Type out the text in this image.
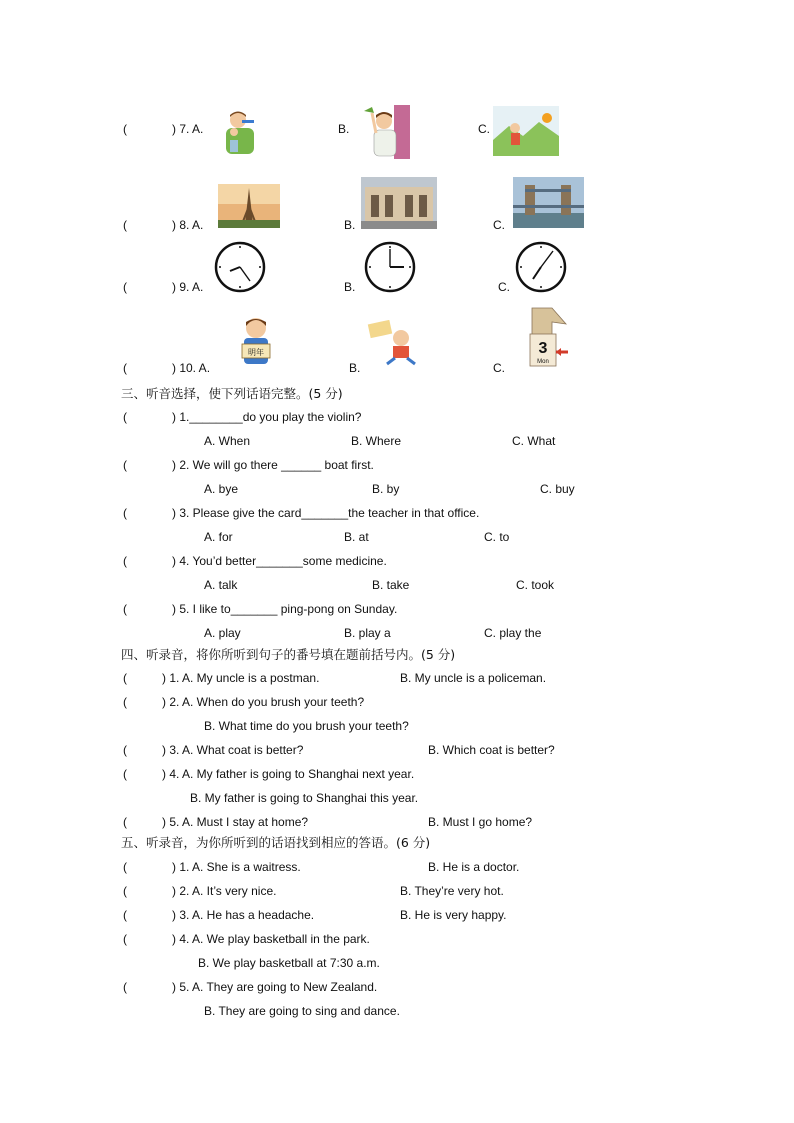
(	) 7. A.	B.	C.
(	) 8. A.	B.	C.
(	) 9. A.	B.	C.
(	) 10. A.	B.	C.
明年	3
Mon
三、听音选择，使下列话语完整。(5 分)
(	) 1.________do you play the violin?
A. When	B. Where	C. What
(	) 2. We will go there ______ boat first.
A. bye	B. by	C. buy
(	) 3. Please give the card_______the teacher in that office.
A. for	B. at	C. to
(	) 4. You’d better_______some medicine.
A. talk	B. take	C. took
(	) 5. I like to_______ ping-pong on Sunday.
A. play	B. play a	C. play the
四、听录音，将你所听到句子的番号填在题前括号内。(5 分)
(	) 1. A. My uncle is a postman.	B. My uncle is a policeman.
(	) 2. A. When do you brush your teeth?
B. What time do you brush your teeth?
(	) 3. A. What coat is better?	B. Which coat is better?
(	) 4. A. My father is going to Shanghai next year.
B. My father is going to Shanghai this year.
(	) 5. A. Must I stay at home?	B. Must I go home?
五、听录音，为你所听到的话语找到相应的答语。(6 分)
(	) 1. A. She is a waitress.	B. He is a doctor.
(	) 2. A. It’s very nice.	B. They’re very hot.
(	) 3. A. He has a headache.	B. He is very happy.
(	) 4. A. We play basketball in the park.
B. We play basketball at 7:30 a.m.
(	) 5. A. They are going to New Zealand.
B. They are going to sing and dance.
